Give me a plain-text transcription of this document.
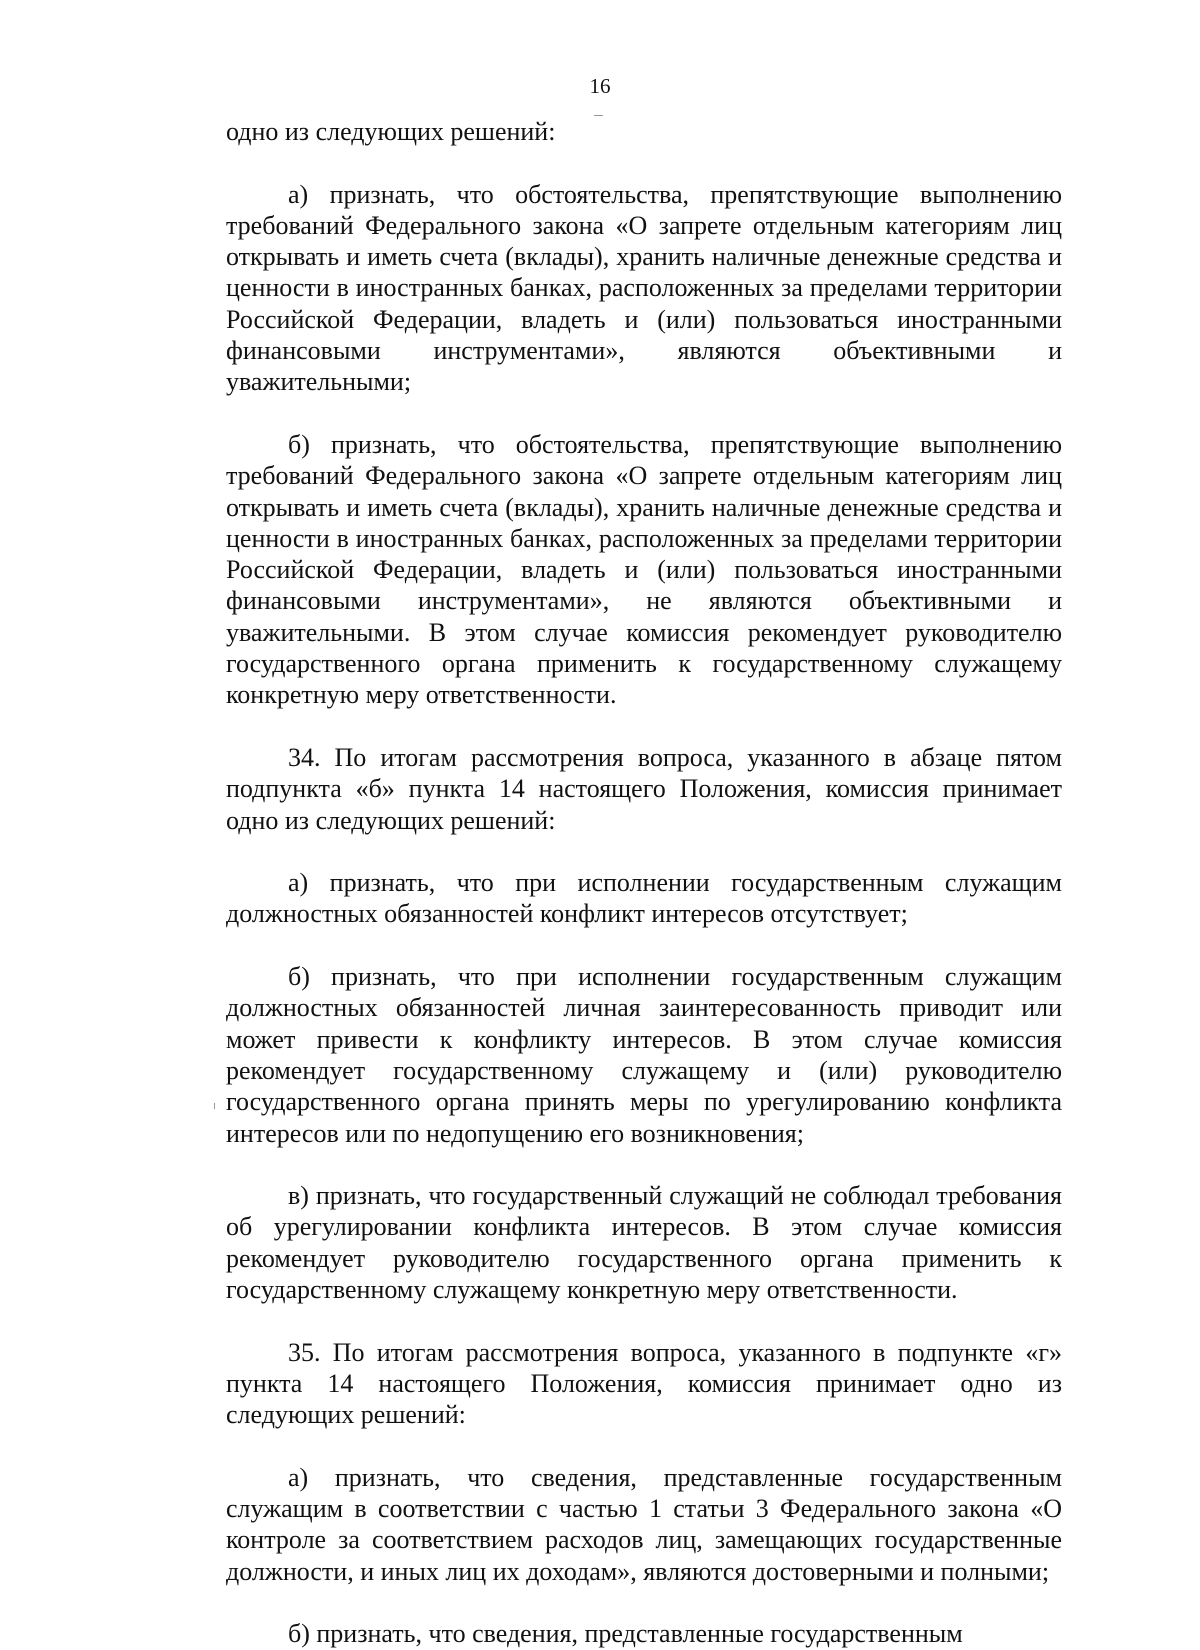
16

одно из следующих решений:

а) признать, что обстоятельства, препятствующие выполнению требований Федерального закона «О запрете отдельным категориям лиц открывать и иметь счета (вклады), хранить наличные денежные средства и ценности в иностранных банках, расположенных за пределами территории Российской Федерации, владеть и (или) пользоваться иностранными финансовыми инструментами», являются объективными и уважительными;

б) признать, что обстоятельства, препятствующие выполнению требований Федерального закона «О запрете отдельным категориям лиц открывать и иметь счета (вклады), хранить наличные денежные средства и ценности в иностранных банках, расположенных за пределами территории Российской Федерации, владеть и (или) пользоваться иностранными финансовыми инструментами», не являются объективными и уважительными. В этом случае комиссия рекомендует руководителю государственного органа применить к государственному служащему конкретную меру ответственности.

34. По итогам рассмотрения вопроса, указанного в абзаце пятом подпункта «б» пункта 14 настоящего Положения, комиссия принимает одно из следующих решений:

а) признать, что при исполнении государственным служащим должностных обязанностей конфликт интересов отсутствует;

б) признать, что при исполнении государственным служащим должностных обязанностей личная заинтересованность приводит или может привести к конфликту интересов. В этом случае комиссия рекомендует государственному служащему и (или) руководителю государственного органа принять меры по урегулированию конфликта интересов или по недопущению его возникновения;

в) признать, что государственный служащий не соблюдал требования об урегулировании конфликта интересов. В этом случае комиссия рекомендует руководителю государственного органа применить к государственному служащему конкретную меру ответственности.

35. По итогам рассмотрения вопроса, указанного в подпункте «г» пункта 14 настоящего Положения, комиссия принимает одно из следующих решений:

а) признать, что сведения, представленные государственным служащим в соответствии с частью 1 статьи 3 Федерального закона «О контроле за соответствием расходов лиц, замещающих государственные должности, и иных лиц их доходам», являются достоверными и полными;

б) признать, что сведения, представленные государственным
